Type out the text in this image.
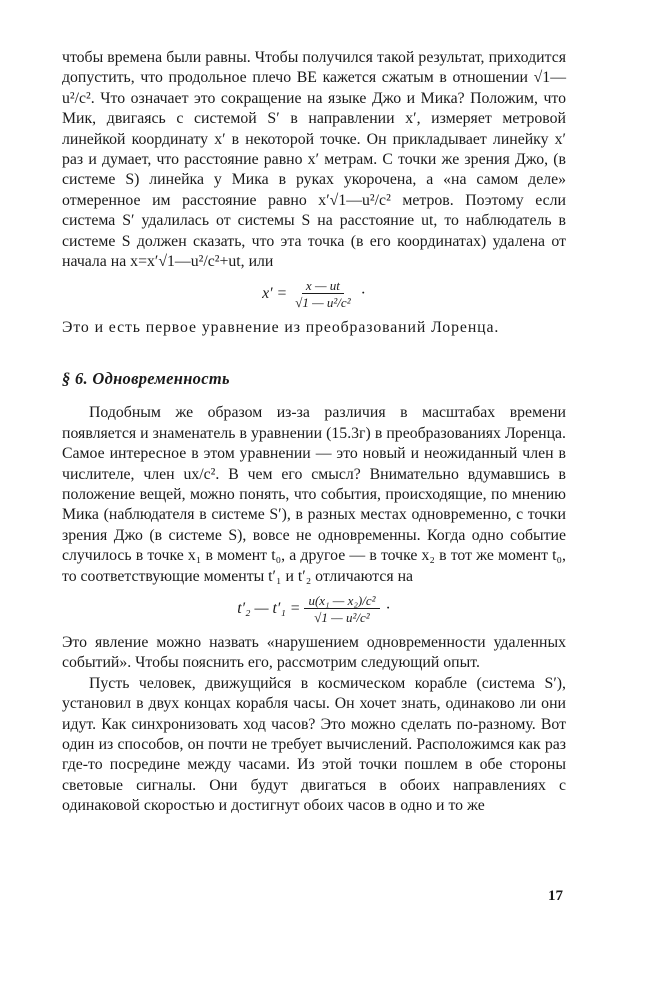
чтобы времена были равны. Чтобы получился такой результат, приходится допустить, что продольное плечо BE кажется сжатым в отношении √1—u²/c². Что означает это сокращение на языке Джо и Мика? Положим, что Мик, двигаясь с системой S′ в направлении x′, измеряет метровой линейкой координату x′ в некоторой точке. Он прикладывает линейку x′ раз и думает, что расстояние равно x′ метрам. С точки же зрения Джо, (в системе S) линейка у Мика в руках укорочена, а «на самом деле» отмеренное им расстояние равно x′√1—u²/c² метров. Поэтому если система S′ удалилась от системы S на расстояние ut, то наблюдатель в системе S должен сказать, что эта точка (в его координатах) удалена от начала на x=x′√1—u²/c²+ut, или

$x' = \frac{x — ut}{\text{√1 — u²/c²}}$ ·

Это и есть первое уравнение из преобразований Лоренца.

§ 6. Одновременность

Подобным же образом из-за различия в масштабах времени появляется и знаменатель в уравнении (15.3г) в преобразованиях Лоренца. Самое интересное в этом уравнении — это новый и неожиданный член в числителе, член ux/c². В чем его смысл? Внимательно вдумавшись в положение вещей, можно понять, что события, происходящие, по мнению Мика (наблюдателя в системе S′), в разных местах одновременно, с точки зрения Джо (в системе S), вовсе не одновременны. Когда одно событие случилось в точке x₁ в момент t₀, а другое — в точке x₂ в тот же момент t₀, то соответствующие моменты t′₁ и t′₂ отличаются на

t′₂ — $t'_1 = \frac{\text{u(x₁ — x₂)/c²}}{\text{√1 — u²/c²}}$ ·

Это явление можно назвать «нарушением одновременности удаленных событий». Чтобы пояснить его, рассмотрим следующий опыт.

Пусть человек, движущийся в космическом корабле (система S′), установил в двух концах корабля часы. Он хочет знать, одинаково ли они идут. Как синхронизовать ход часов? Это можно сделать по-разному. Вот один из способов, он почти не требует вычислений. Расположимся как раз где-то посредине между часами. Из этой точки пошлем в обе стороны световые сигналы. Они будут двигаться в обоих направлениях с одинаковой скоростью и достигнут обоих часов в одно и то же

17
